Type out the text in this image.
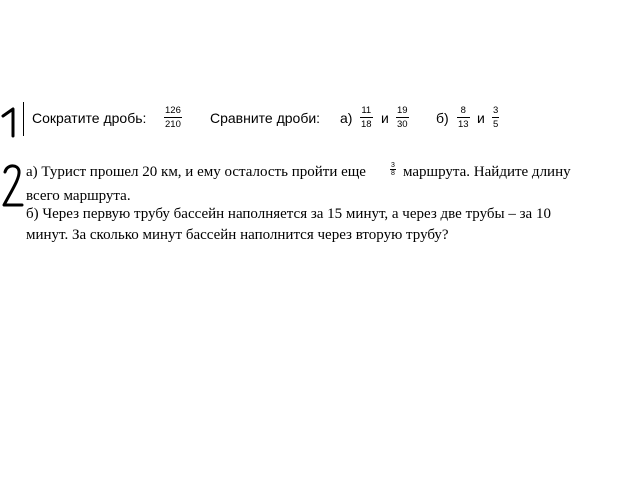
Сократите дробь: 126
210 Сравните дроби: а) 11
18 и 19
30 б) 8
13 и 3
5
а) Турист прошел 20 км, и ему осталость пройти еще	3
8 маршрута. Найдите длину
всего маршрута.
б) Через первую трубу бассейн наполняется за 15 минут, а через две трубы – за 10
минут. За сколько минут бассейн наполнится через вторую трубу?
